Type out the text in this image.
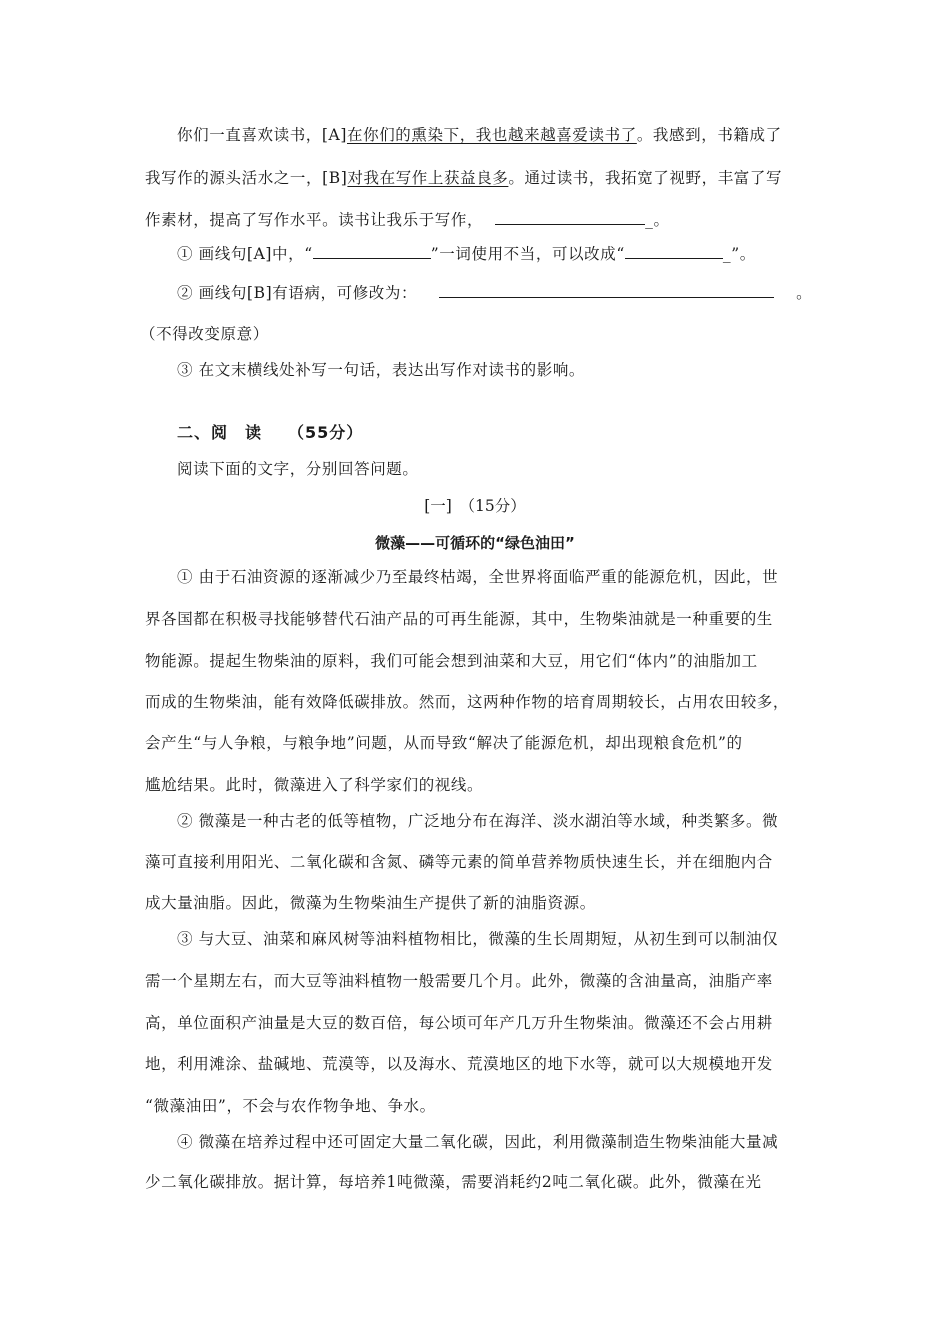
你们一直喜欢读书，[A]在你们的熏染下，我也越来越喜爱读书了。我感到，书籍成了
我写作的源头活水之一，[B]对我在写作上获益良多。通过读书，我拓宽了视野，丰富了写
作素材，提高了写作水平。读书让我乐于写作，	_。
① 画线句[A]中，“	”一词使用不当，可以改成“	_”。
② 画线句[B]有语病，可修改为：	。
（不得改变原意）
③ 在文末横线处补写一句话，表达出写作对读书的影响。
二、阅　读　　（55分）
阅读下面的文字，分别回答问题。
[一]　（15分）
微藻——可循环的“绿色油田”
① 由于石油资源的逐渐减少乃至最终枯竭，全世界将面临严重的能源危机，因此，世
界各国都在积极寻找能够替代石油产品的可再生能源，其中，生物柴油就是一种重要的生
物能源。提起生物柴油的原料，我们可能会想到油菜和大豆，用它们“体内”的油脂加工
而成的生物柴油，能有效降低碳排放。然而，这两种作物的培育周期较长，占用农田较多，
会产生“与人争粮，与粮争地”问题，从而导致“解决了能源危机，却出现粮食危机”的
尴尬结果。此时，微藻进入了科学家们的视线。
② 微藻是一种古老的低等植物，广泛地分布在海洋、淡水湖泊等水域，种类繁多。微
藻可直接利用阳光、二氧化碳和含氮、磷等元素的简单营养物质快速生长，并在细胞内合
成大量油脂。因此，微藻为生物柴油生产提供了新的油脂资源。
③ 与大豆、油菜和麻风树等油料植物相比，微藻的生长周期短，从初生到可以制油仅
需一个星期左右，而大豆等油料植物一般需要几个月。此外，微藻的含油量高，油脂产率
高，单位面积产油量是大豆的数百倍，每公顷可年产几万升生物柴油。微藻还不会占用耕
地，利用滩涂、盐碱地、荒漠等，以及海水、荒漠地区的地下水等，就可以大规模地开发
“微藻油田”，不会与农作物争地、争水。
④ 微藻在培养过程中还可固定大量二氧化碳，因此，利用微藻制造生物柴油能大量减
少二氧化碳排放。据计算，每培养1吨微藻，需要消耗约2吨二氧化碳。此外，微藻在光
